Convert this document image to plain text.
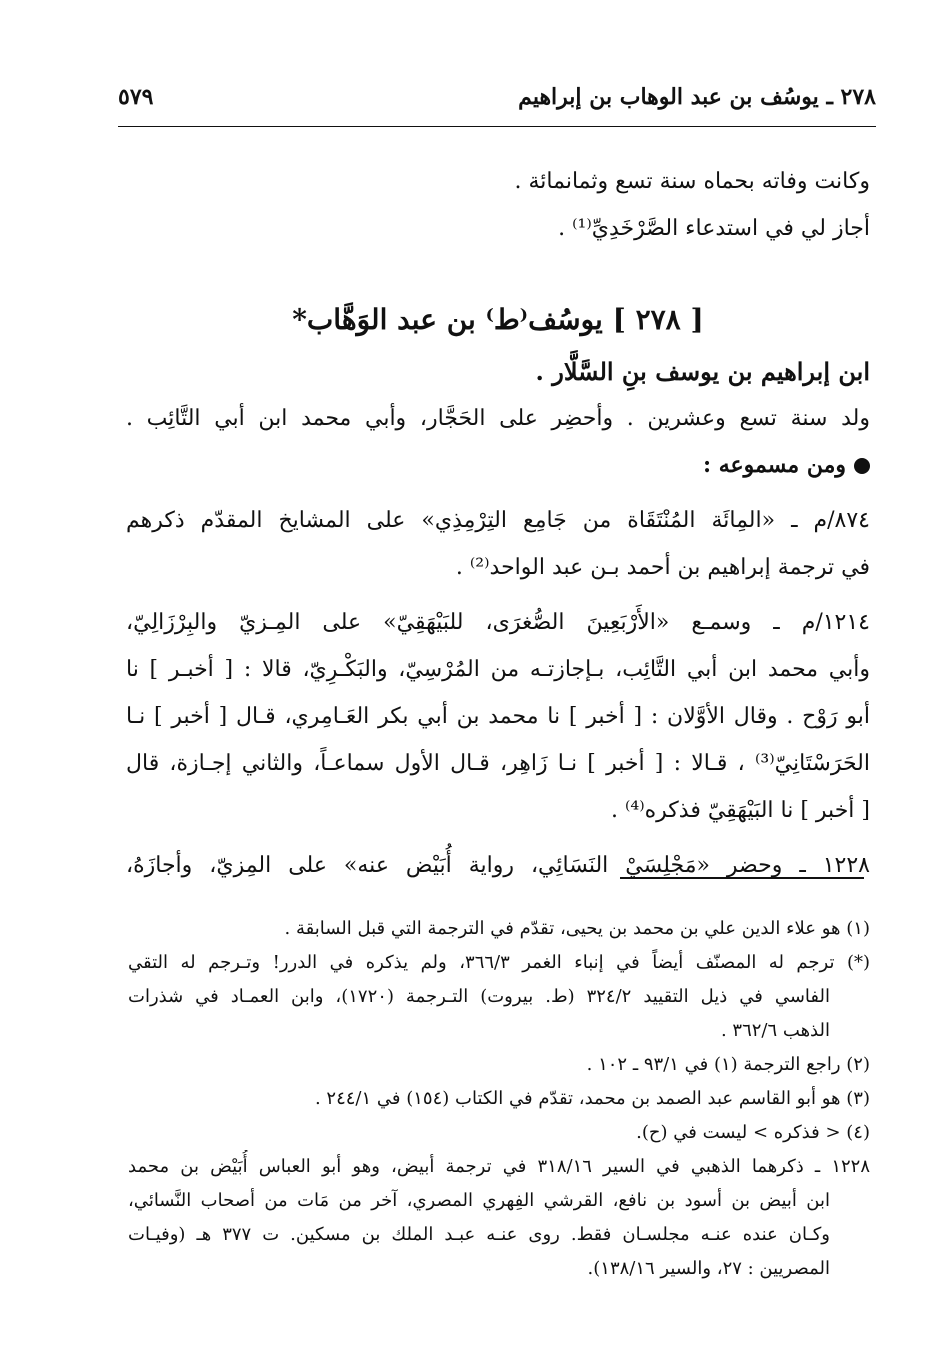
٢٧٨ ـ يوسُف بن عبد الوهاب بن إبراهيم
٥٧٩
وكانت وفاته بحماه سنة تسع وثمانمائة .
أجاز لي في استدعاء الصَّرْخَدِيِّ⁽¹⁾ .
[ ٢٧٨ ] يوسُف⁽ط⁾ بن عبد الوَهَّاب*
ابن إبراهيم بن يوسف بنِ السَّلَّار .
ولد سنة تسع وعشرين . وأحضِر على الحَجَّار، وأبي محمد ابن أبي التَّائِب .
ومن مسموعه :
٨٧٤/م ـ «المِائَة المُنْتَقَاة من جَامِع التِرْمِذِي» على المشايخ المقدّم ذكرهم
في ترجمة إبراهيم بن أحمد بـن عبد الواحد⁽²⁾ .
١٢١٤/م ـ وسمـع «الأَرْبَعِينَ الصُّغرَى، للبَيْهَقِيّ» على المِـزيّ والبِرْزَالِيّ،
وأبي محمد ابن أبي التَّائِب، بـإجازتـه من المُرْسِيّ، والبَكْـرِيّ، قالا : [ أخبـر ] نا
أبو رَوْح . وقال الأوَّلان : [ أخبر ] نا محمد بن أبي بكر العَـامِري، قـال [ أخبر ] نـا
الحَرَسْتَانِيّ⁽³⁾ ، قـالا : [ أخبر ] نـا زَاهِر، قـال الأول سماعـاً، والثاني إجـازة، قال
[ أخبر ] نا البَيْهَقِيّ فذكره⁽⁴⁾ .
١٢٢٨ ـ وحضر «مَجْلِسَيْ النَسَائِي، رواية أُبَيْض عنه» على المِزيّ، وأجازَهُ،
(١) هو علاء الدين علي بن محمد بن يحيى، تقدّم في الترجمة التي قبل السابقة .
(*) ترجم له المصنّف أيضاً في إنباء الغمر ٣٦٦/٣، ولم يذكره في الدرر! وتـرجم له التقي
الفاسي في ذيل التقييد ٣٢٤/٢ (ط. بيروت) التـرجمة (١٧٢٠)، وابن العمـاد في شذرات
الذهب ٣٦٢/٦ .
(٢) راجع الترجمة (١) في ٩٣/١ ـ ١٠٢ .
(٣) هو أبو القاسم عبد الصمد بن محمد، تقدّم في الكتاب (١٥٤) في ٢٤٤/١ .
(٤) < فذكره > ليست في (ح).
١٢٢٨ ـ ذكرهما الذهبي في السير ٣١٨/١٦ في ترجمة أبيض، وهو أبو العباس أُبَيْض بن محمد
ابن أبيض بن أسود بن نافع، القرشي الفِهري المصري، آخر من مَات من أصحاب النَّسائي،
وكـان عنده عنـه مجلسـان فقط. روى عنـه عبـد الملك بن مسكين. ت ٣٧٧ هـ (وفيـات
المصريين : ٢٧، والسير ١٣٨/١٦).
